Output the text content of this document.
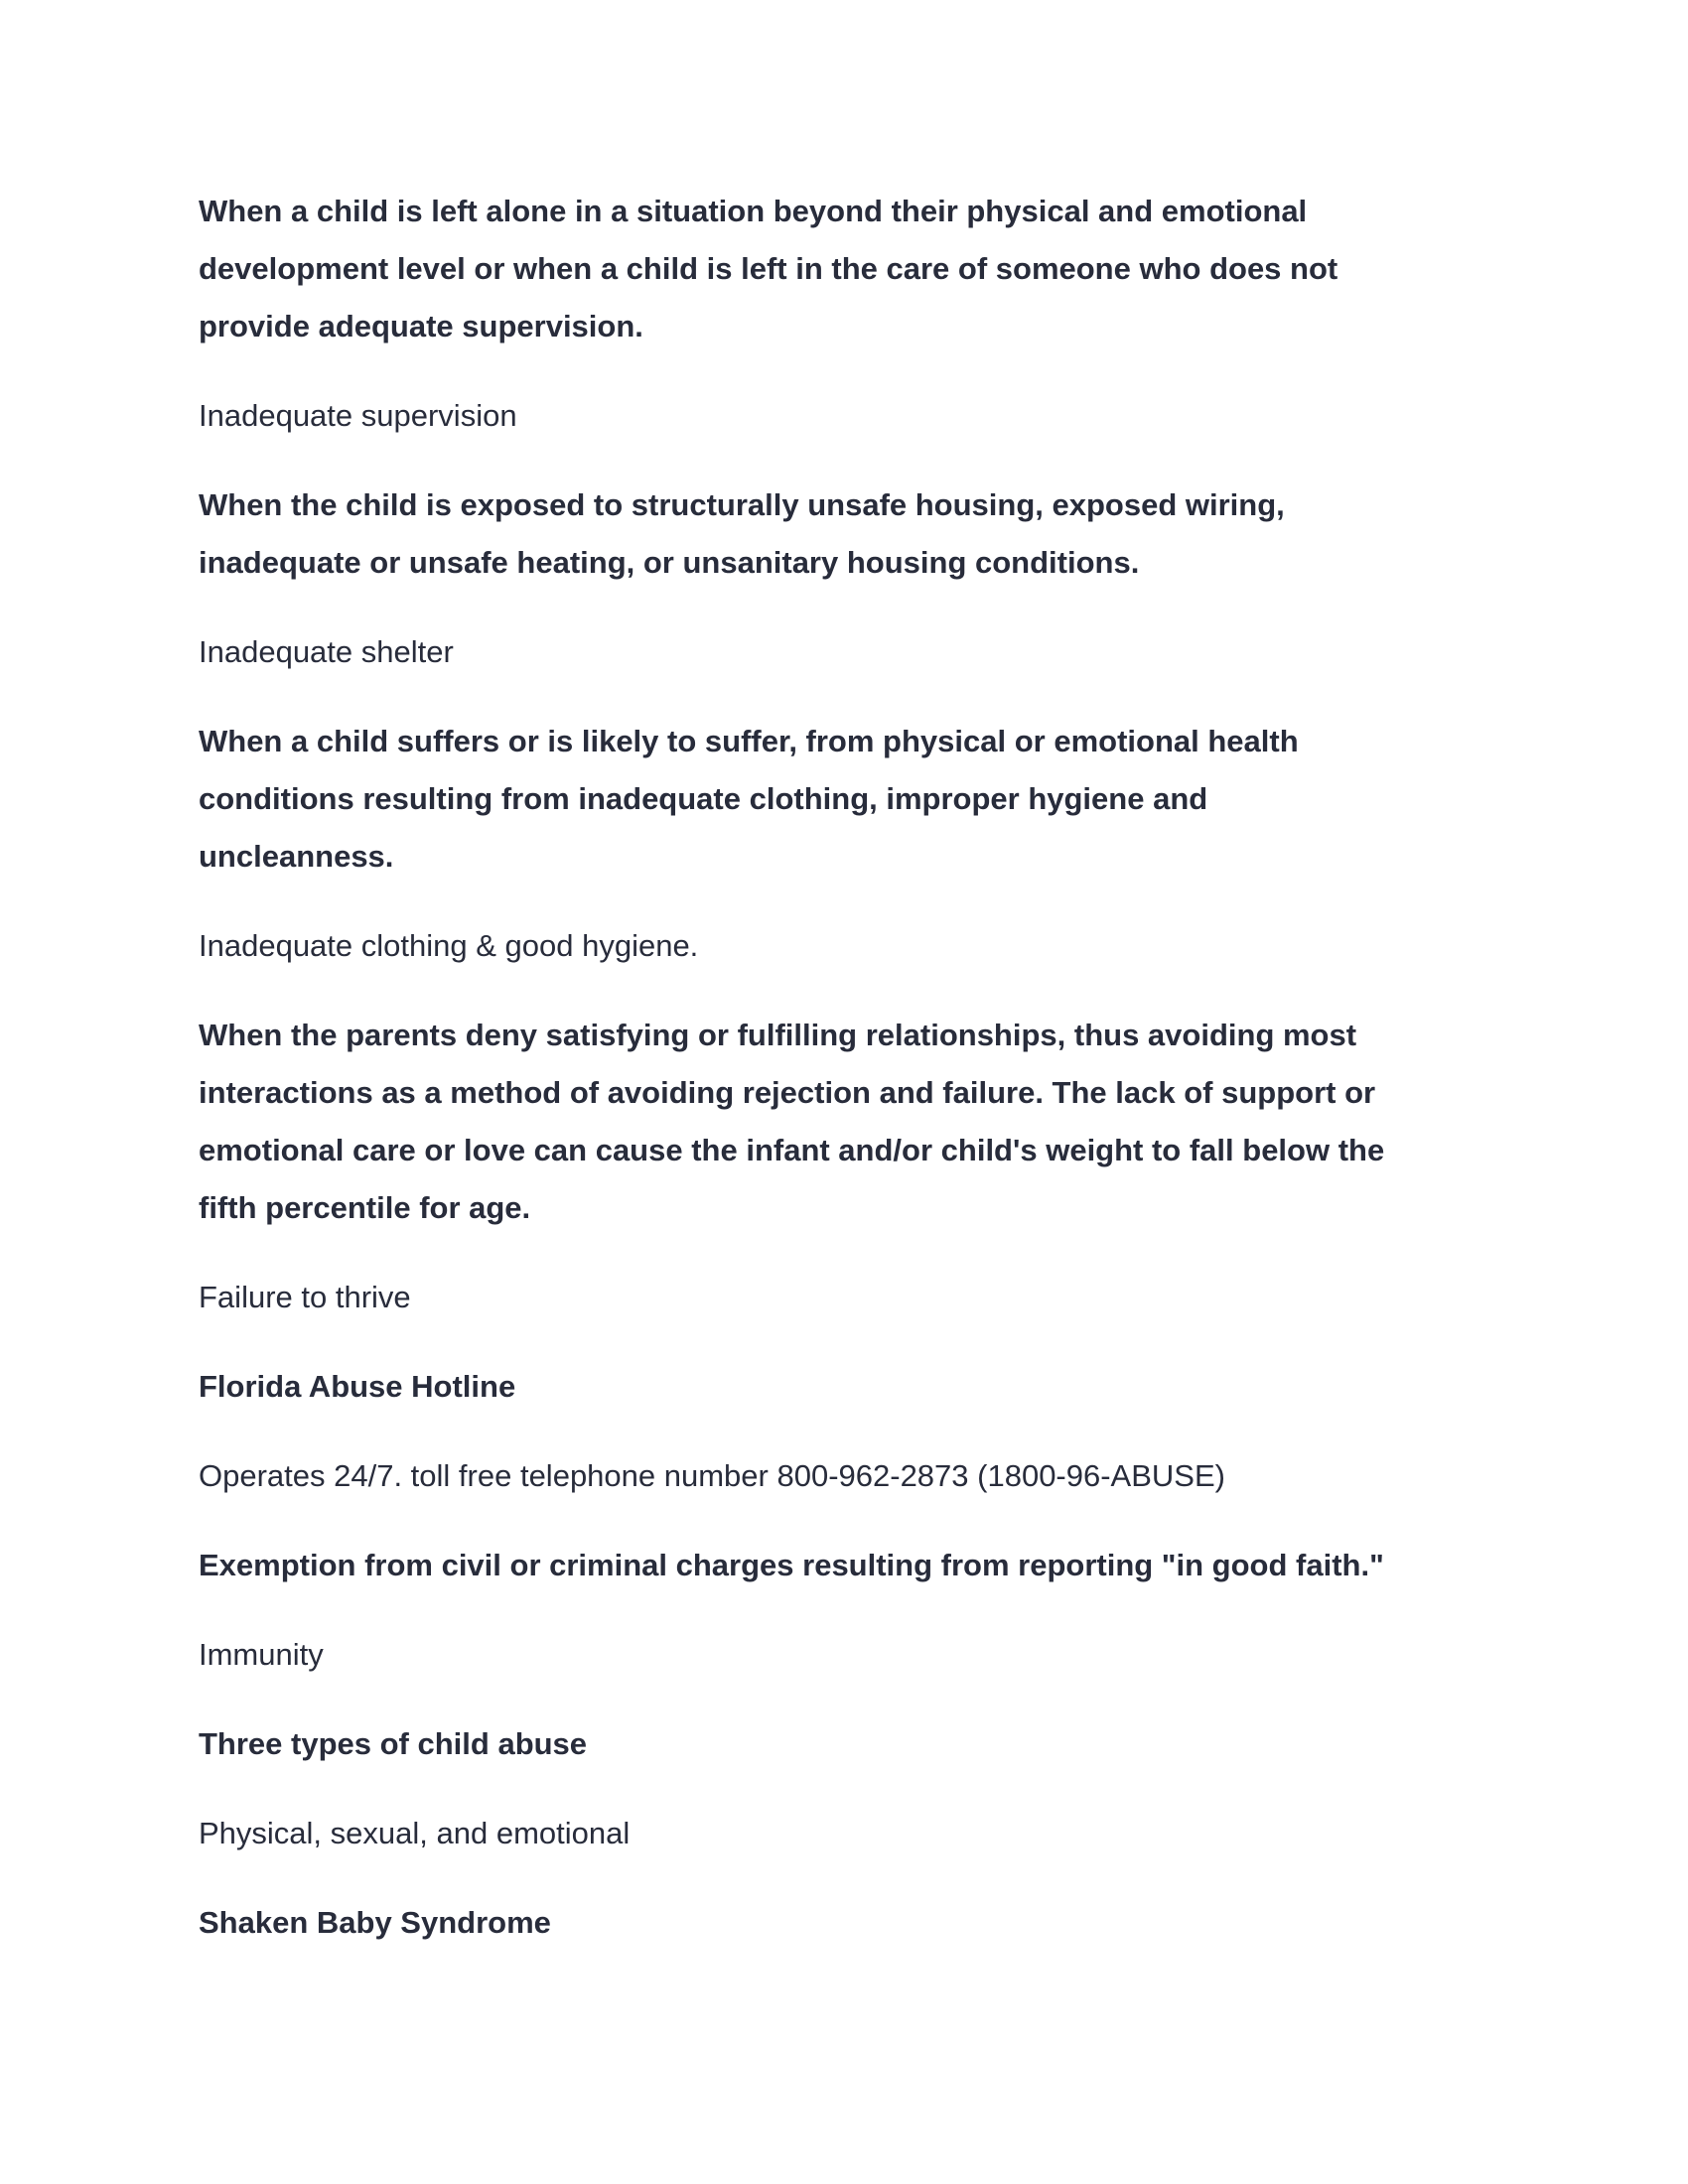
When a child is left alone in a situation beyond their physical and emotional
development level or when a child is left in the care of someone who does not
provide adequate supervision.

Inadequate supervision

When the child is exposed to structurally unsafe housing, exposed wiring,
inadequate or unsafe heating, or unsanitary housing conditions.

Inadequate shelter

When a child suffers or is likely to suffer, from physical or emotional health
conditions resulting from inadequate clothing, improper hygiene and
uncleanness.

Inadequate clothing & good hygiene.

When the parents deny satisfying or fulfilling relationships, thus avoiding most
interactions as a method of avoiding rejection and failure. The lack of support or
emotional care or love can cause the infant and/or child's weight to fall below the
fifth percentile for age.

Failure to thrive

Florida Abuse Hotline

Operates 24/7. toll free telephone number 800-962-2873 (1800-96-ABUSE)

Exemption from civil or criminal charges resulting from reporting "in good faith."

Immunity

Three types of child abuse

Physical, sexual, and emotional

Shaken Baby Syndrome
